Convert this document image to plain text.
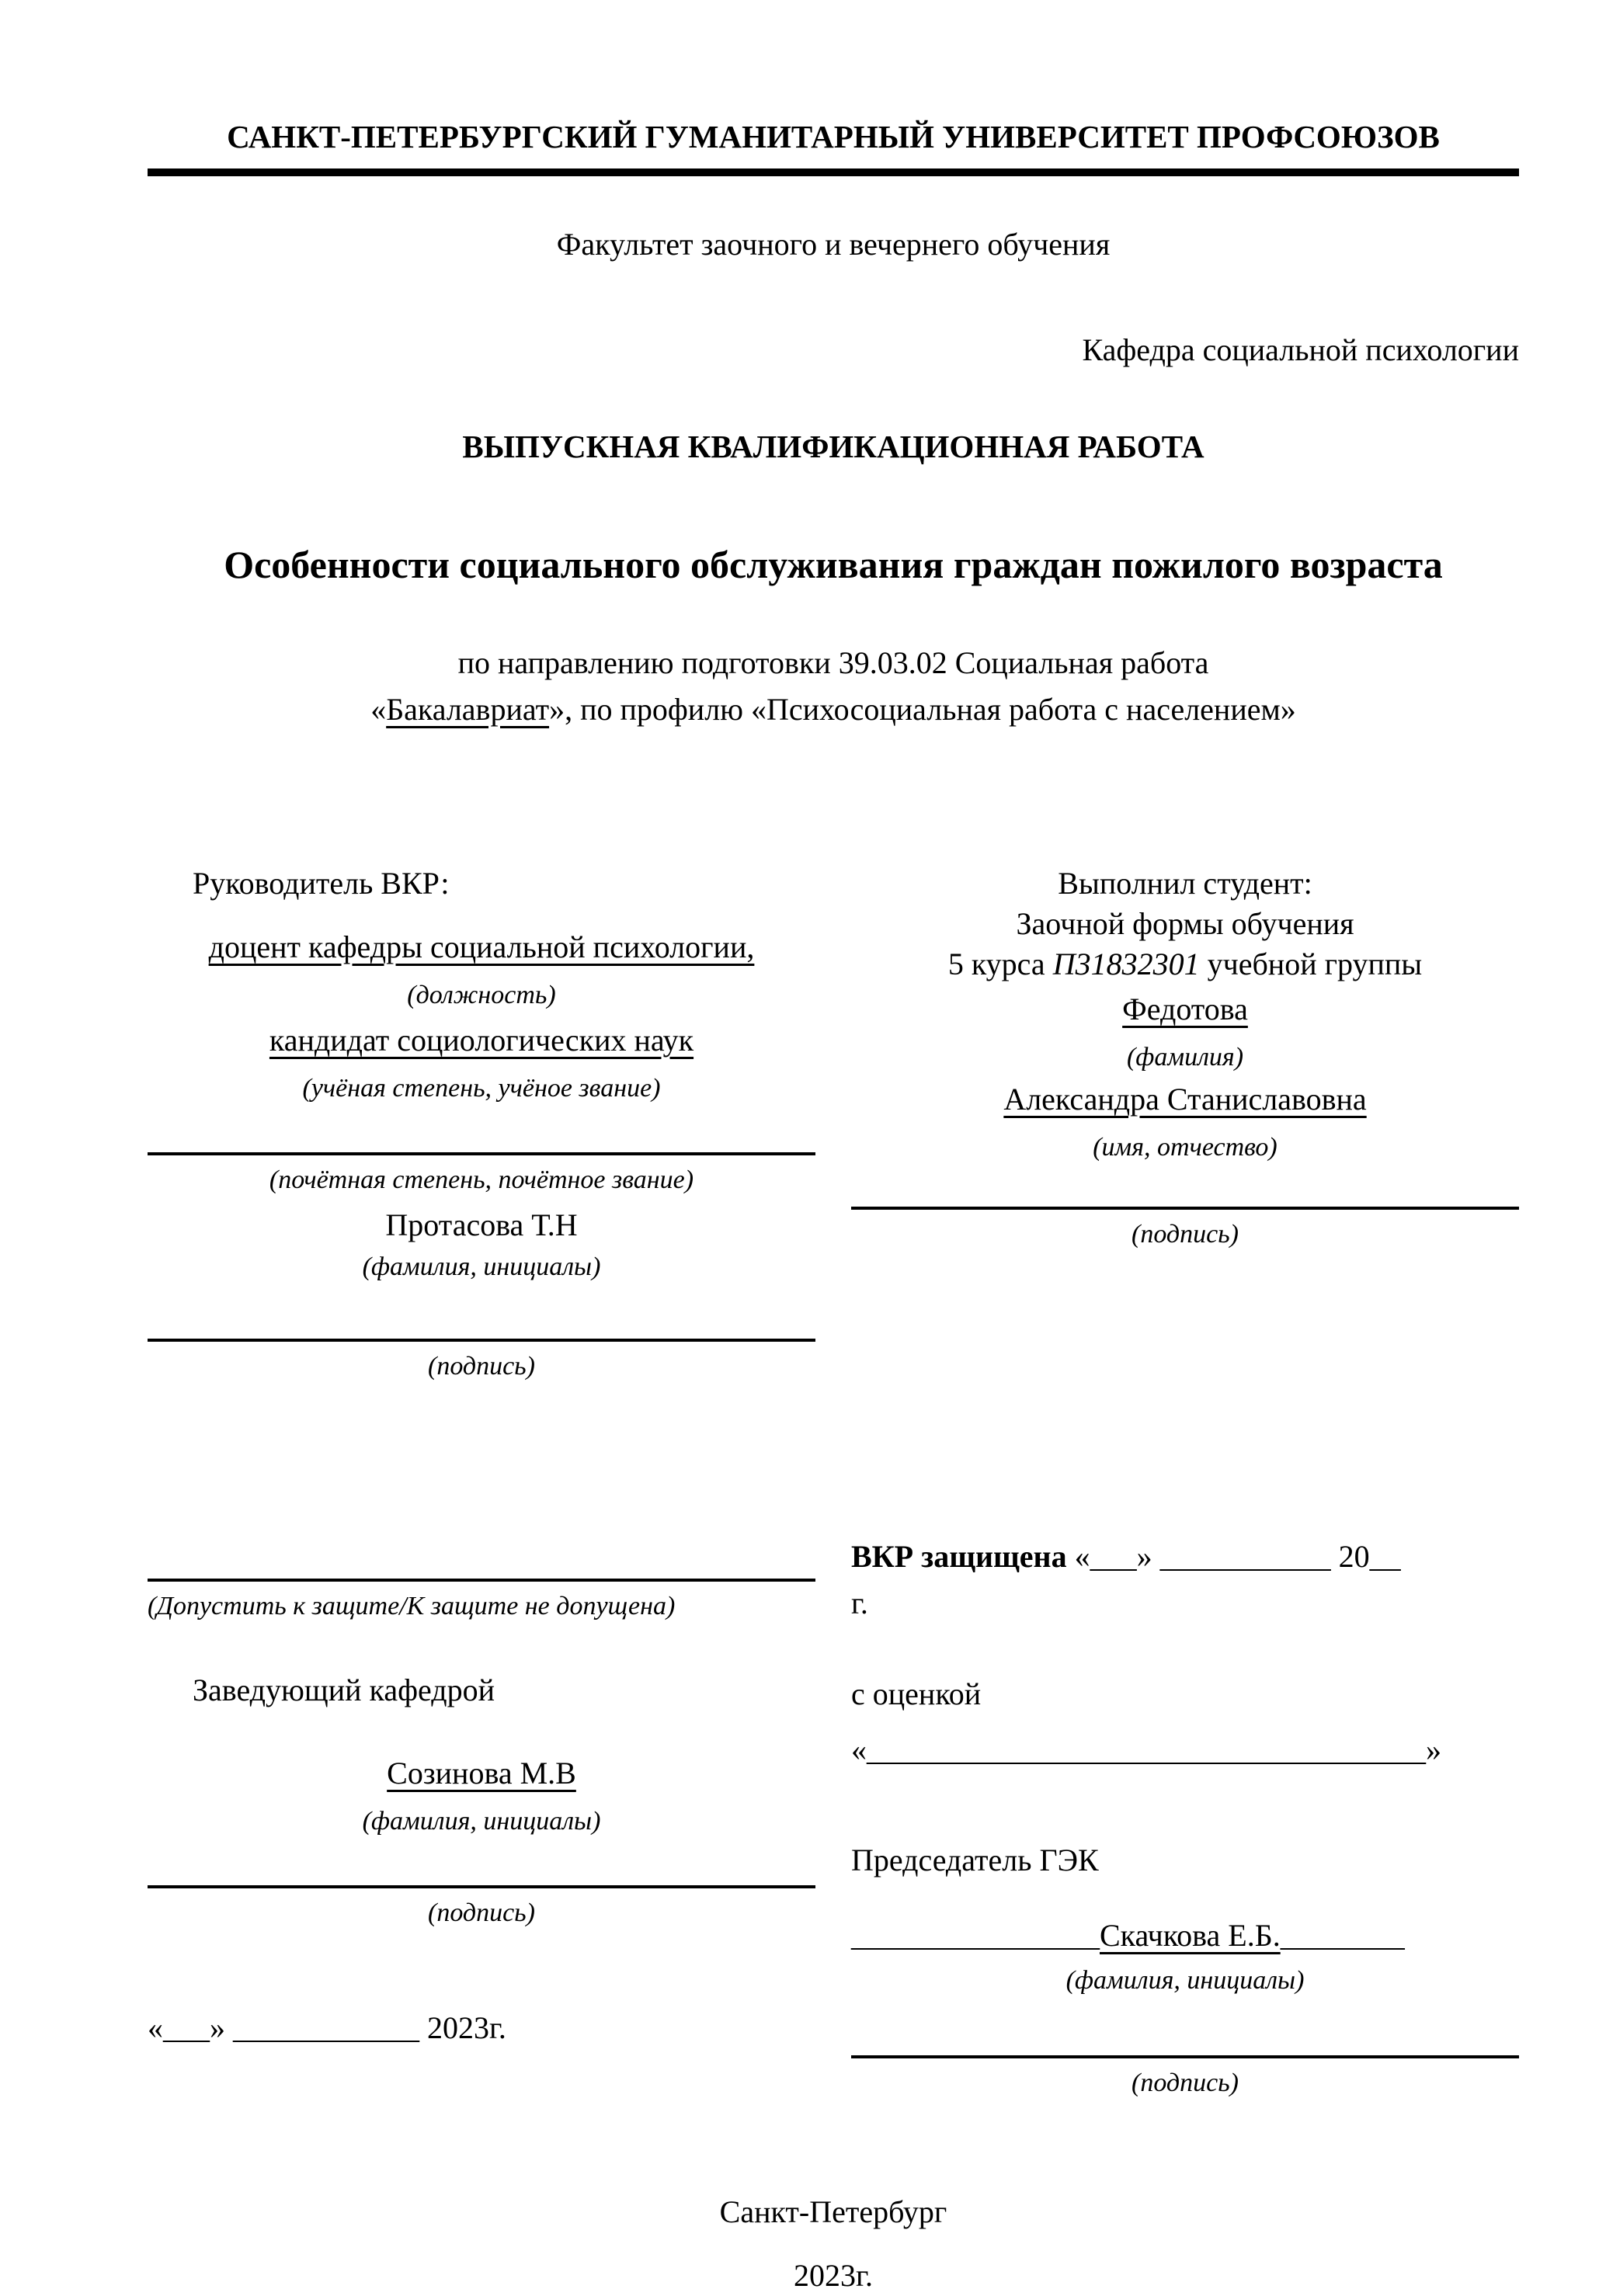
САНКТ-ПЕТЕРБУРГСКИЙ ГУМАНИТАРНЫЙ УНИВЕРСИТЕТ ПРОФСОЮЗОВ
Факультет заочного и вечернего обучения
Кафедра социальной психологии
ВЫПУСКНАЯ КВАЛИФИКАЦИОННАЯ РАБОТА
Особенности социального обслуживания граждан пожилого возраста
по направлению подготовки 39.03.02 Социальная работа
«Бакалавриат», по профилю «Психосоциальная работа с населением»
Руководитель ВКР:
доцент кафедры социальной психологии,
(должность)
кандидат социологических наук
(учёная степень, учёное звание)
(почётная степень, почётное звание)
Протасова Т.Н
(фамилия, инициалы)
(подпись)
Выполнил студент:
Заочной формы обучения
5 курса П31832301 учебной группы
Федотова
(фамилия)
Александра Станиславовна
(имя, отчество)
(подпись)
(Допустить к защите/К защите не допущена)
Заведующий кафедрой
Созинова М.В
(фамилия, инициалы)
(подпись)
«___» ____________ 2023г.
ВКР защищена «___» ___________ 20__
г.
с оценкой
«____________________________________»
Председатель ГЭК
________________Скачкова Е.Б.________
(фамилия, инициалы)
(подпись)
Санкт-Петербург
2023г.
